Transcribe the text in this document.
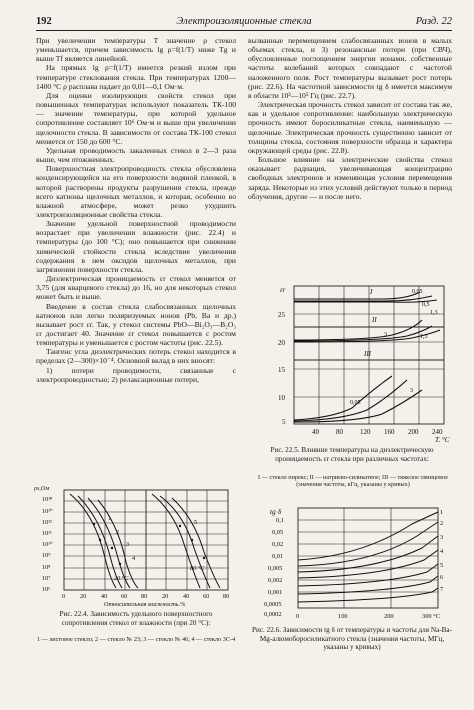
192	Электроизоляционные стекла	Разд. 22

При увеличении температуры T значение ρ стекол уменьшается, причем зависимость lg ρ=f(1/T) ниже Tg и выше Tf является линейной.

На прямых lg ρ=f(1/T) имеется резкий излом при температуре стеклования стекла. При температурах 1200—1400 °С ρ расплава падает до 0,01—0,1 Ом·м.

Для оценки изолирующих свойств стекол при повышенных температурах используют показатель ТК-100 — значение температуры, при которой удельное сопротивление составляет 10⁶ Ом·м и выше при увеличении щелочности стекла. В зависимости от состава ТК-100 стекол меняется от 150 до 600 °С.

Удельная проводимость закаленных стекол в 2—3 раза выше, чем отожженных.

Поверхностная электропроводность стекла обусловлена конденсирующейся на его поверхности водяной пленкой, в которой растворены продукты разрушения стекла, прежде всего катионы щелочных металлов, и которая, особенно во влажной атмосфере, может резко ухудшить электроизоляционные свойства стекла.

Значение удельной поверхностной проводимости возрастает при увеличении влажности (рис. 22.4) и температуры (до 100 °С); оно повышается при снижении химической стойкости стекла вследствие увеличения содержания в нем оксидов щелочных металлов, при загрязнении поверхности стекла.

Диэлектрическая проницаемость εr стекол меняется от 3,75 (для кварцевого стекла) до 16, но для некоторых стекол может быть и выше.

Введение в состав стекла слабосвязанных щелочных катионов или легко поляризуемых ионов (Pb, Ba и др.) вызывает рост εr. Так, у стекол системы PbO—Bi₂O₃—B₂O₃ εr достигает 40. Значение εr стекол повышается с ростом температуры и уменьшается с ростом частоты (рис. 22.5).

Тангенс угла диэлектрических потерь стекол находится в пределах (2—300)×10⁻⁴. Основной вклад в них вносят:

1) потери проводимости, связанные с электропроводностью; 2) релаксационные потери,

вызванные перемещением слабосвязанных ионов в малых объемах стекла, и 3) резонансные потери (при СВЧ), обусловленные поглощением энергии ионами, собственные частоты колебаний которых совпадают с частотой наложенного поля. Рост температуры вызывает рост потерь (рис. 22.6). На частотной зависимости tg δ имеется максимум в области 10³—10⁵ Гц (рис. 22.7).

Электрическая прочность стекол зависит от состава так же, как и удельное сопротивление: наибольшую электрическую прочность имеют боросиликатные стекла, наименьшую — щелочные. Электрическая прочность существенно зависит от толщины стекла, состояния поверхности образца и характера окружающей среды (рис. 22.8).

Большое влияние на электрические свойства стекол оказывает радиация, увеличивающая концентрацию свободных электронов и изменяющая условия перемещения заряда. Некоторые из этих условий действуют только в период облучения, другие — и после него.

εr
25
20
15
10
5
40 80 120 160 200 240
T, °C
I
II
III
0,05
0,5
1,3
3	1,3
0,05
3
Рис. 22.5. Влияние температуры на диэлектрическую проницаемость εr стекла при различных частотах:
I — стекло пирекс; II — натриево-силикатное; III — тяжелое свинцовое (значения частоты, кГц, указаны у кривых)
tg δ
0,1
0,05
0,02
0,01
0,005
0,002
0,001
0,0005
0,0002 0	100	200	300 °С
1
2
3
4
5
6
7
Рис. 22.6. Зависимости tg δ от температуры и частоты для Na-Ba-Mg-алюмоборосиликатного стекла (значения частоты, МГц, указаны у кривых)
ρs,Ом
10¹⁸
10¹⁰
10¹²
10¹¹
10¹⁰
10⁹
10⁸
10⁷
10⁶
0 20 40 60 80 20 40 60 80
Относительная влажность,%
1
2
3
4
5
20 °С
80 °С
Рис. 22.4. Зависимость удельного поверхностного сопротивления стекол от влажности (при 20 °С):
1 — листовое стекло; 2 — стекло № 23; 3 — стекло № 46; 4 — стекло 3С-4
